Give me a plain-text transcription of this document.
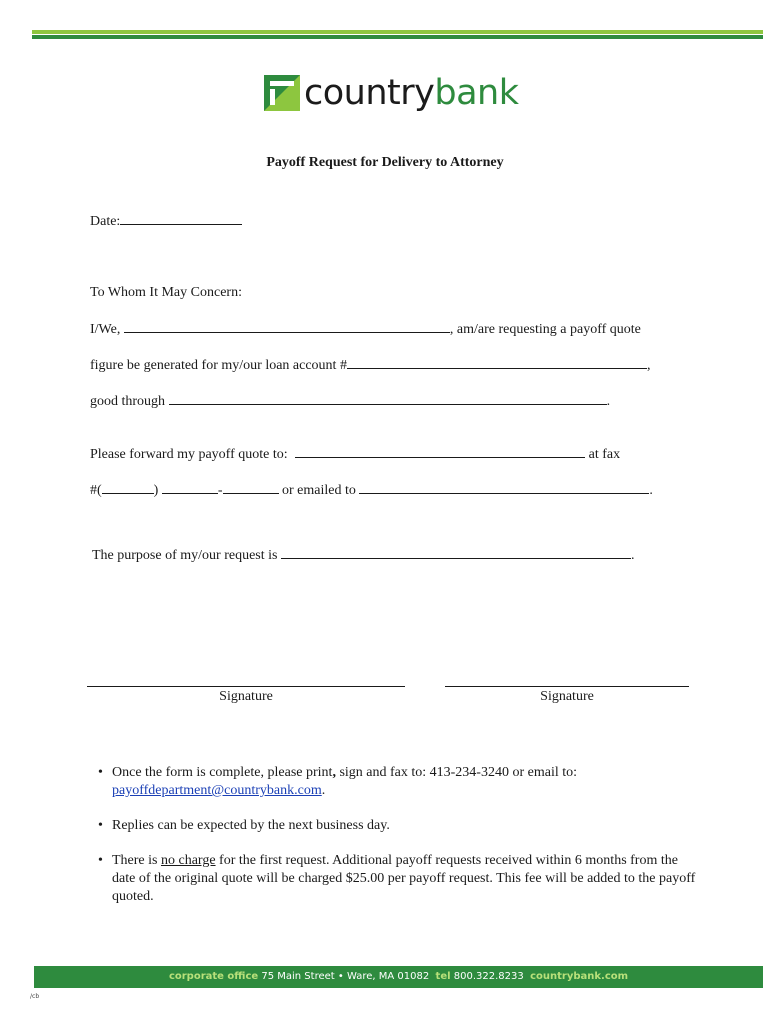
countrybank
Payoff Request for Delivery to Attorney
Date:
To Whom It May Concern:
I/We,	, am/are requesting a payoff quote
figure be generated for my/our loan account #	,
good through	.
Please forward my payoff quote to:	at fax
#(	)	-	or emailed to	.
The purpose of my/our request is	.
Signature	Signature
• Once the form is complete, please print, sign and fax to: 413-234-3240 or email to:
payoffdepartment@countrybank.com.
• Replies can be expected by the next business day.
• There is no charge for the first request. Additional payoff requests received within 6 months from the date of the original quote will be charged $25.00 per payoff request. This fee will be added to the payoff quoted.
corporate office 75 Main Street • Ware, MA 01082 tel 800.322.8233 countrybank.com
/cb
